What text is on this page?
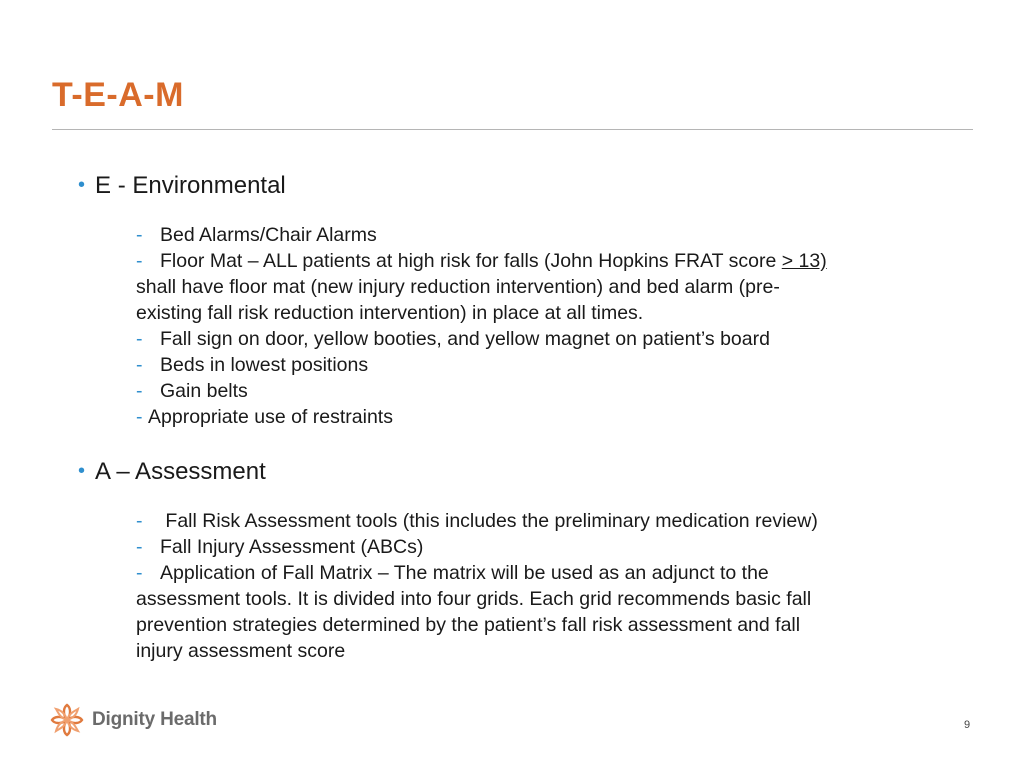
T-E-A-M
• E - Environmental
- Bed Alarms/Chair Alarms
- Floor Mat – ALL patients at high risk for falls (John Hopkins FRAT score > 13)
shall have floor mat (new injury reduction intervention) and bed alarm (pre-
existing fall risk reduction intervention) in place at all times.
- Fall sign on door, yellow booties, and yellow magnet on patient’s board
- Beds in lowest positions
- Gain belts
- Appropriate use of restraints
• A – Assessment
- Fall Risk Assessment tools (this includes the preliminary medication review)
- Fall Injury Assessment (ABCs)
- Application of Fall Matrix – The matrix will be used as an adjunct to the
assessment tools. It is divided into four grids. Each grid recommends basic fall
prevention strategies determined by the patient’s fall risk assessment and fall
injury assessment score
Dignity Health	9
